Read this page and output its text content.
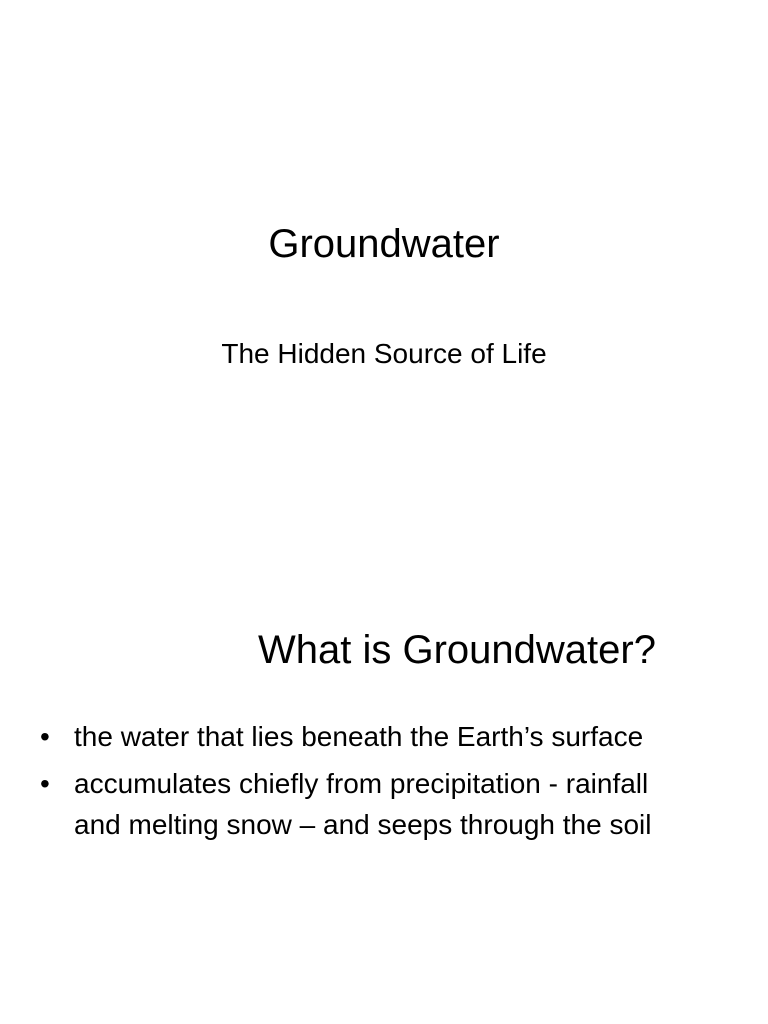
Groundwater
The Hidden Source of Life
What is Groundwater?
• the water that lies beneath the Earth’s surface
• accumulates chiefly from precipitation - rainfall and melting snow – and seeps through the soil
